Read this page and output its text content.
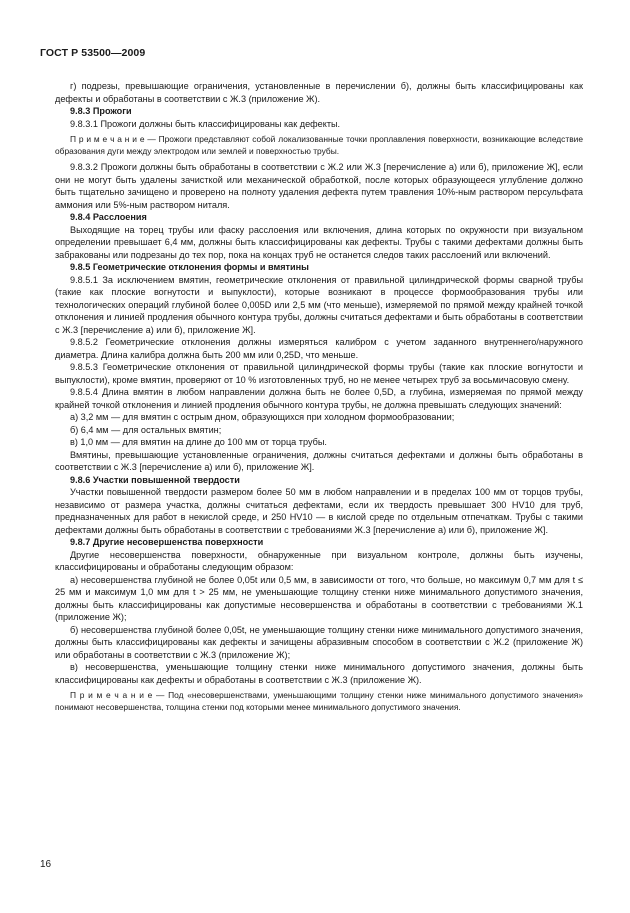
ГОСТ Р 53500—2009

г) подрезы, превышающие ограничения, установленные в перечислении б), должны быть классифицированы как дефекты и обработаны в соответствии с Ж.3 (приложение Ж).

9.8.3 Прожоги

9.8.3.1 Прожоги должны быть классифицированы как дефекты.

П р и м е ч а н и е — Прожоги представляют собой локализованные точки проплавления поверхности, возникающие вследствие образования дуги между электродом или землей и поверхностью трубы.

9.8.3.2 Прожоги должны быть обработаны в соответствии с Ж.2 или Ж.3 [перечисление а) или б), приложение Ж], если они не могут быть удалены зачисткой или механической обработкой, после которых образующееся углубление должно быть тщательно зачищено и проверено на полноту удаления дефекта путем травления 10%-ным раствором персульфата аммония или 5%-ным раствором ниталя.

9.8.4 Расслоения

Выходящие на торец трубы или фаску расслоения или включения, длина которых по окружности при визуальном определении превышает 6,4 мм, должны быть классифицированы как дефекты. Трубы с такими дефектами должны быть забракованы или подрезаны до тех пор, пока на концах труб не останется следов таких расслоений или включений.

9.8.5 Геометрические отклонения формы и вмятины

9.8.5.1 За исключением вмятин, геометрические отклонения от правильной цилиндрической формы сварной трубы (такие как плоские вогнутости и выпуклости), которые возникают в процессе формообразования трубы или технологических операций глубиной более 0,005D или 2,5 мм (что меньше), измеряемой по прямой между крайней точкой отклонения и линией продления обычного контура трубы, должны считаться дефектами и быть обработаны в соответствии с Ж.3 [перечисление а) или б), приложение Ж].

9.8.5.2 Геометрические отклонения должны измеряться калибром с учетом заданного внутреннего/наружного диаметра. Длина калибра должна быть 200 мм или 0,25D, что меньше.

9.8.5.3 Геометрические отклонения от правильной цилиндрической формы трубы (такие как плоские вогнутости и выпуклости), кроме вмятин, проверяют от 10 % изготовленных труб, но не менее четырех труб за восьмичасовую смену.

9.8.5.4 Длина вмятин в любом направлении должна быть не более 0,5D, а глубина, измеряемая по прямой между крайней точкой отклонения и линией продления обычного контура трубы, не должна превышать следующих значений:

а) 3,2 мм — для вмятин с острым дном, образующихся при холодном формообразовании;

б) 6,4 мм — для остальных вмятин;

в) 1,0 мм — для вмятин на длине до 100 мм от торца трубы.

Вмятины, превышающие установленные ограничения, должны считаться дефектами и должны быть обработаны в соответствии с Ж.3 [перечисление а) или б), приложение Ж].

9.8.6 Участки повышенной твердости

Участки повышенной твердости размером более 50 мм в любом направлении и в пределах 100 мм от торцов трубы, независимо от размера участка, должны считаться дефектами, если их твердость превышает 300 HV10 для труб, предназначенных для работ в некислой среде, и 250 HV10 — в кислой среде по отдельным отпечаткам. Трубы с такими дефектами должны быть обработаны в соответствии с требованиями Ж.3 [перечисление а) или б), приложение Ж].

9.8.7 Другие несовершенства поверхности

Другие несовершенства поверхности, обнаруженные при визуальном контроле, должны быть изучены, классифицированы и обработаны следующим образом:

а) несовершенства глубиной не более 0,05t или 0,5 мм, в зависимости от того, что больше, но максимум 0,7 мм для t ≤ 25 мм и максимум 1,0 мм для t > 25 мм, не уменьшающие толщину стенки ниже минимального допустимого значения, должны быть классифицированы как допустимые несовершенства и обработаны в соответствии с требованиями Ж.1 (приложение Ж);

б) несовершенства глубиной более 0,05t, не уменьшающие толщину стенки ниже минимального допустимого значения, должны быть классифицированы как дефекты и зачищены абразивным способом в соответствии с Ж.2 (приложение Ж) или обработаны в соответствии с Ж.3 (приложение Ж);

в) несовершенства, уменьшающие толщину стенки ниже минимального допустимого значения, должны быть классифицированы как дефекты и обработаны в соответствии с Ж.3 (приложение Ж).

П р и м е ч а н и е — Под «несовершенствами, уменьшающими толщину стенки ниже минимального допустимого значения» понимают несовершенства, толщина стенки под которыми менее минимального допустимого значения.

16
